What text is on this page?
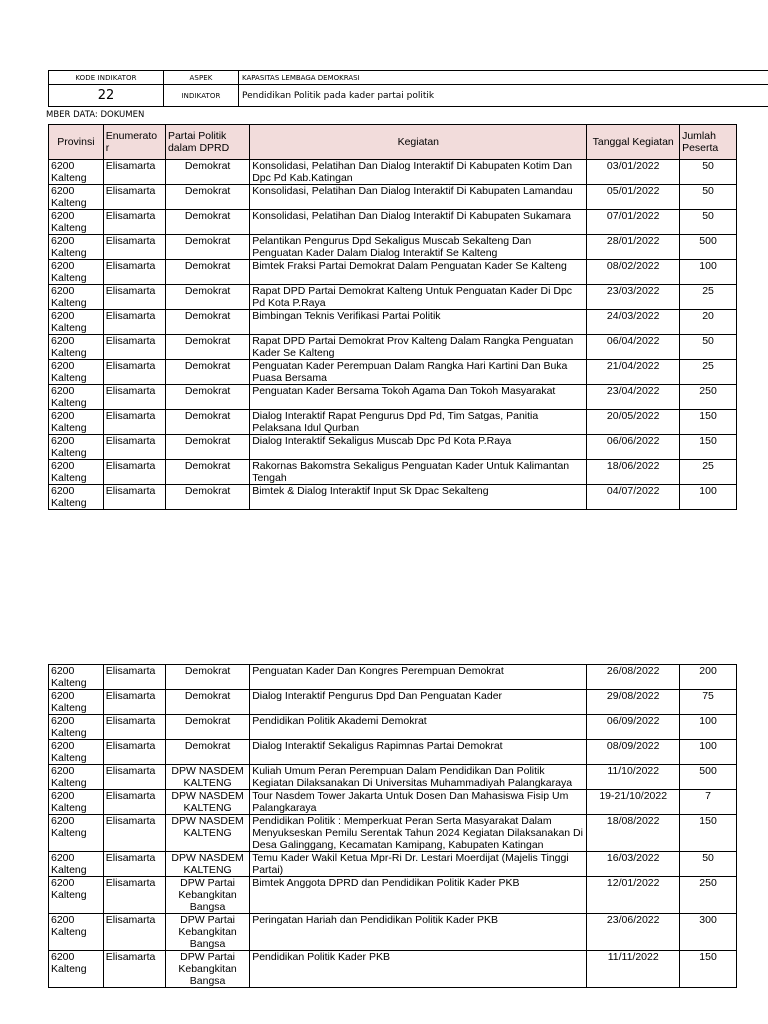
KODE INDIKATOR	ASPEK	KAPASITAS LEMBAGA DEMOKRASI
22	INDIKATOR	Pendidikan Politik pada kader partai politik
MBER DATA: DOKUMEN
Provinsi	Enumerato r	Partai Politik dalam DPRD	Kegiatan	Tanggal Kegiatan	Jumlah Peserta
6200 Kalteng	Elisamarta	Demokrat	Konsolidasi, Pelatihan Dan Dialog Interaktif Di Kabupaten Kotim Dan Dpc Pd Kab.Katingan	03/01/2022	50
6200 Kalteng	Elisamarta	Demokrat	Konsolidasi, Pelatihan Dan Dialog Interaktif Di Kabupaten Lamandau	05/01/2022	50
6200 Kalteng	Elisamarta	Demokrat	Konsolidasi, Pelatihan Dan Dialog Interaktif Di Kabupaten Sukamara	07/01/2022	50
6200 Kalteng	Elisamarta	Demokrat	Pelantikan Pengurus Dpd Sekaligus Muscab Sekalteng Dan Penguatan Kader Dalam Dialog Interaktif Se Kalteng	28/01/2022	500
6200 Kalteng	Elisamarta	Demokrat	Bimtek Fraksi Partai Demokrat Dalam Penguatan Kader Se Kalteng	08/02/2022	100
6200 Kalteng	Elisamarta	Demokrat	Rapat DPD Partai Demokrat Kalteng Untuk Penguatan Kader Di Dpc Pd Kota P.Raya	23/03/2022	25
6200 Kalteng	Elisamarta	Demokrat	Bimbingan Teknis Verifikasi Partai Politik	24/03/2022	20
6200 Kalteng	Elisamarta	Demokrat	Rapat DPD Partai Demokrat Prov Kalteng Dalam Rangka Penguatan Kader Se Kalteng	06/04/2022	50
6200 Kalteng	Elisamarta	Demokrat	Penguatan Kader Perempuan Dalam Rangka Hari Kartini Dan Buka Puasa Bersama	21/04/2022	25
6200 Kalteng	Elisamarta	Demokrat	Penguatan Kader Bersama Tokoh Agama Dan Tokoh Masyarakat	23/04/2022	250
6200 Kalteng	Elisamarta	Demokrat	Dialog Interaktif Rapat Pengurus Dpd Pd, Tim Satgas, Panitia Pelaksana Idul Qurban	20/05/2022	150
6200 Kalteng	Elisamarta	Demokrat	Dialog Interaktif Sekaligus Muscab Dpc Pd Kota P.Raya	06/06/2022	150
6200 Kalteng	Elisamarta	Demokrat	Rakornas Bakomstra Sekaligus Penguatan Kader Untuk Kalimantan Tengah	18/06/2022	25
6200 Kalteng	Elisamarta	Demokrat	Bimtek & Dialog Interaktif Input Sk Dpac Sekalteng	04/07/2022	100
6200 Kalteng	Elisamarta	Demokrat	Penguatan Kader Dan Kongres Perempuan Demokrat	26/08/2022	200
6200 Kalteng	Elisamarta	Demokrat	Dialog Interaktif Pengurus Dpd Dan Penguatan Kader	29/08/2022	75
6200 Kalteng	Elisamarta	Demokrat	Pendidikan Politik Akademi Demokrat	06/09/2022	100
6200 Kalteng	Elisamarta	Demokrat	Dialog Interaktif Sekaligus Rapimnas Partai Demokrat	08/09/2022	100
6200 Kalteng	Elisamarta	DPW NASDEM KALTENG	Kuliah Umum Peran Perempuan Dalam Pendidikan Dan Politik Kegiatan Dilaksanakan Di Universitas Muhammadiyah Palangkaraya	11/10/2022	500
6200 Kalteng	Elisamarta	DPW NASDEM KALTENG	Tour Nasdem Tower Jakarta Untuk Dosen Dan Mahasiswa Fisip Um Palangkaraya	19-21/10/2022	7
6200 Kalteng	Elisamarta	DPW NASDEM KALTENG	Pendidikan Politik : Memperkuat Peran Serta Masyarakat Dalam Menyukseskan Pemilu Serentak Tahun 2024 Kegiatan Dilaksanakan Di Desa Galinggang, Kecamatan Kamipang, Kabupaten Katingan	18/08/2022	150
6200 Kalteng	Elisamarta	DPW NASDEM KALTENG	Temu Kader Wakil Ketua Mpr-Ri Dr. Lestari Moerdijat (Majelis Tinggi Partai)	16/03/2022	50
6200 Kalteng	Elisamarta	DPW Partai Kebangkitan Bangsa	Bimtek Anggota DPRD dan Pendidikan Politik Kader PKB	12/01/2022	250
6200 Kalteng	Elisamarta	DPW Partai Kebangkitan Bangsa	Peringatan Hariah dan Pendidikan Politik Kader PKB	23/06/2022	300
6200 Kalteng	Elisamarta	DPW Partai Kebangkitan Bangsa	Pendidikan Politik Kader PKB	11/11/2022	150
